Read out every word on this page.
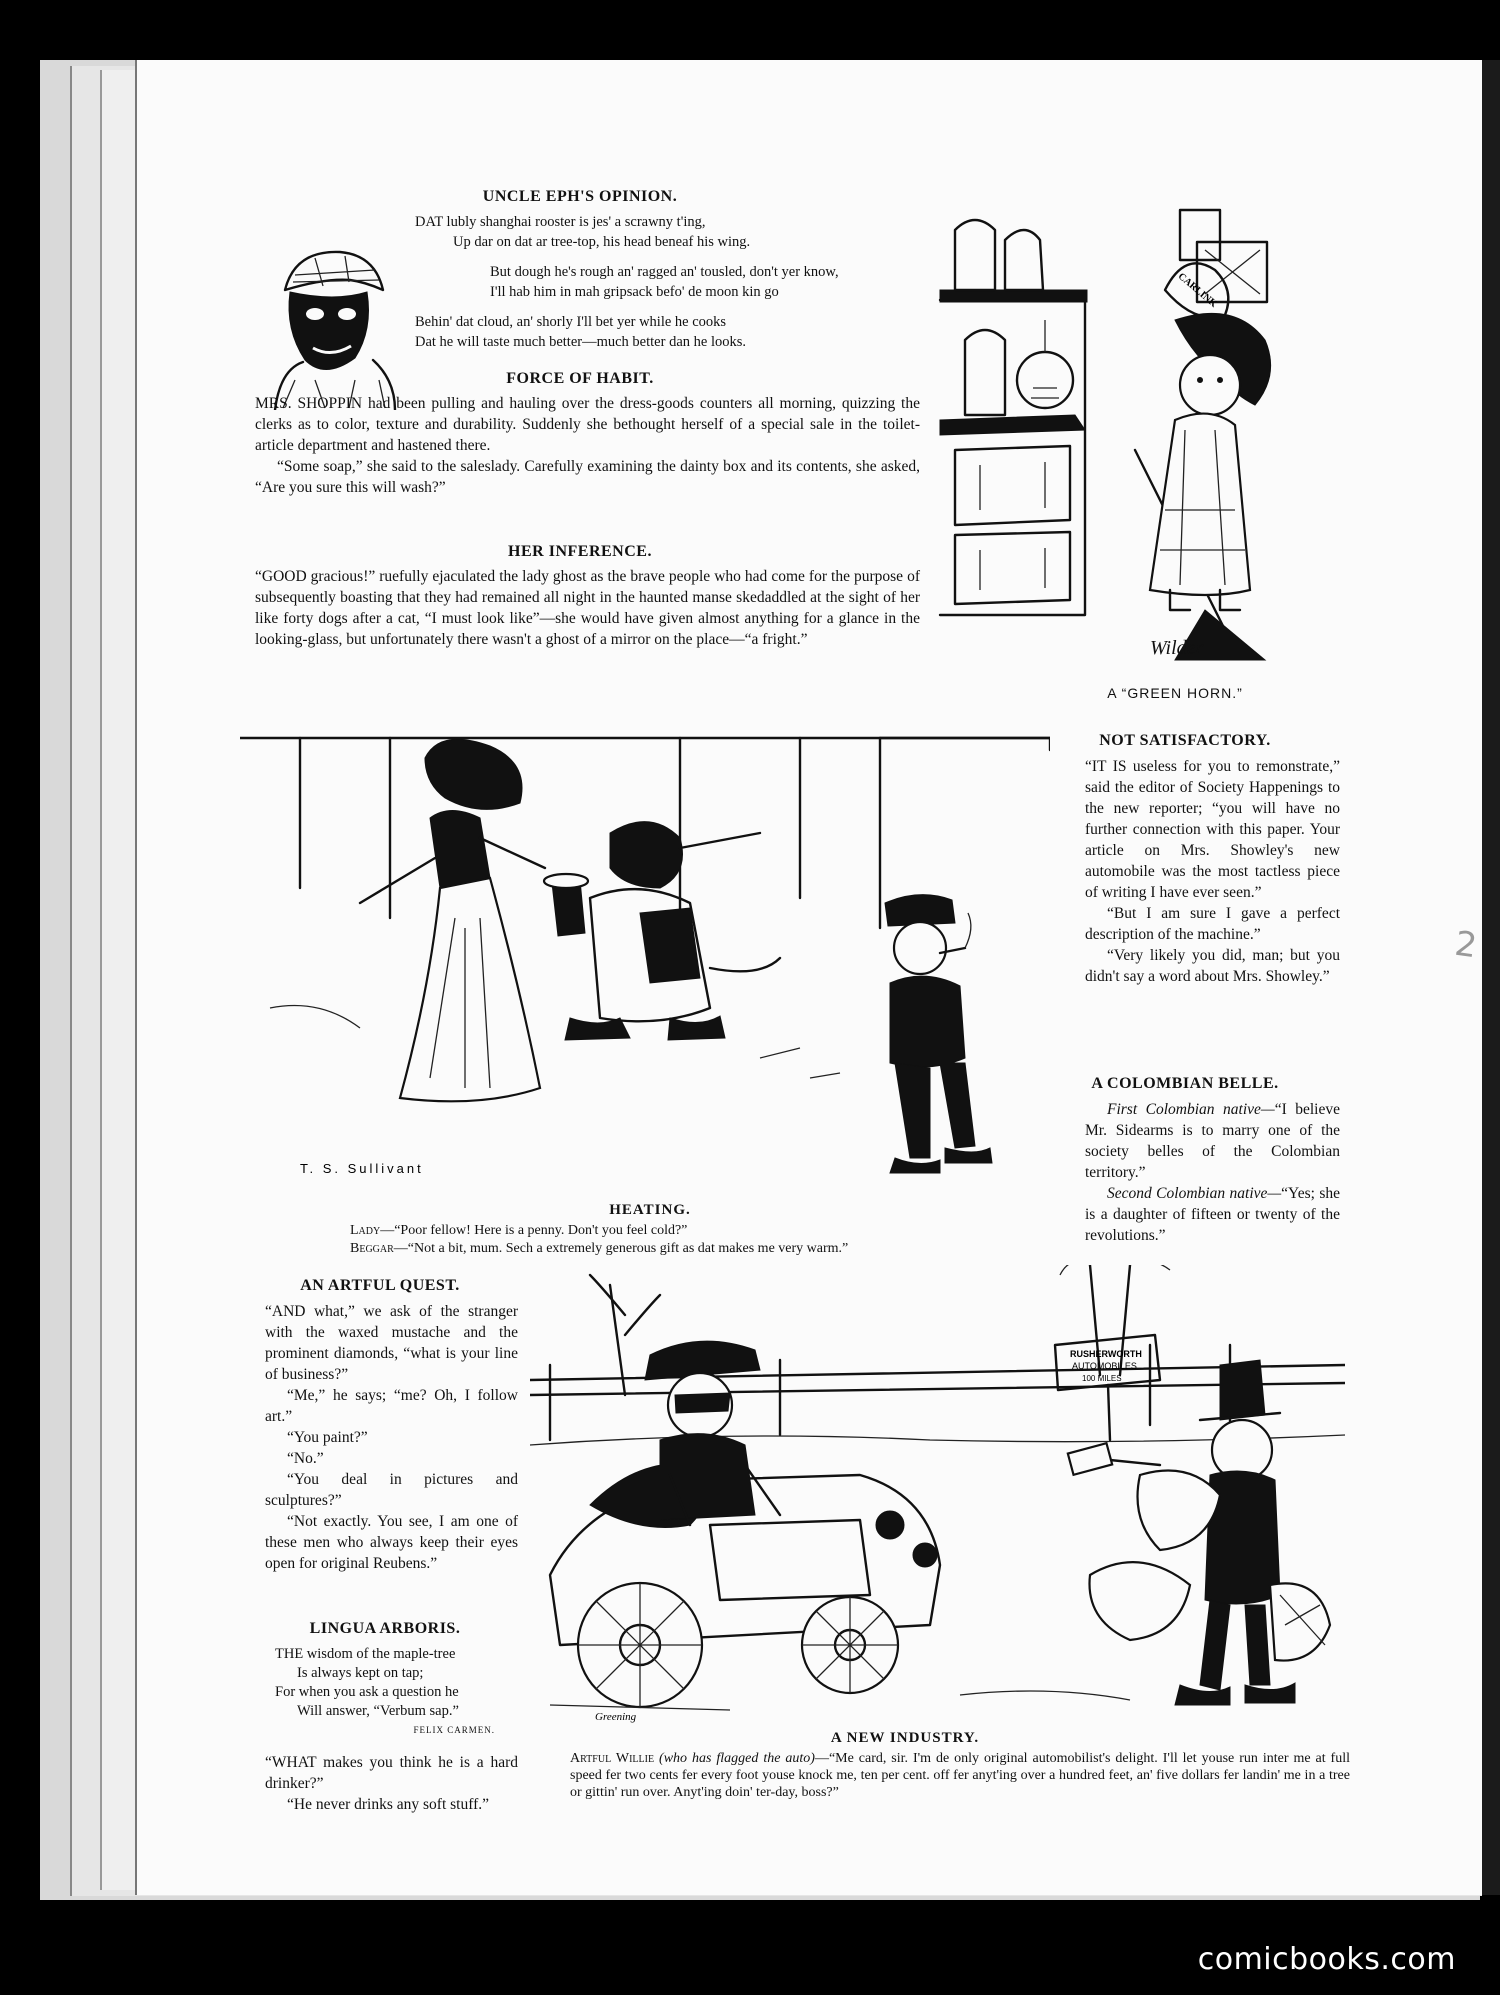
2
UNCLE EPH'S OPINION.
DAT lubly shanghai rooster is jes' a scrawny t'ing,
Up dar on dat ar tree-top, his head beneaf his wing.
But dough he's rough an' ragged an' tousled, don't yer know,
I'll hab him in mah gripsack befo' de moon kin go
Behin' dat cloud, an' shorly I'll bet yer while he cooks
Dat he will taste much better—much better dan he looks.
FORCE OF HABIT.

MRS. SHOPPIN had been pulling and hauling over the dress-goods counters all morning, quizzing the clerks as to color, texture and durability. Suddenly she bethought herself of a special sale in the toilet-article department and hastened there.

“Some soap,” she said to the saleslady. Carefully examining the dainty box and its contents, she asked, “Are you sure this will wash?”

HER INFERENCE.

“GOOD gracious!” ruefully ejaculated the lady ghost as the brave people who had come for the purpose of subsequently boasting that they had remained all night in the haunted manse skedaddled at the sight of her like forty dogs after a cat, “I must look like”—she would have given almost anything for a glance in the looking-glass, but unfortunately there wasn't a ghost of a mirror on the place—“a fright.”

CARLINK
Wilder
A “GREEN HORN.”
T. S. Sullivant
HEATING.
Lady—“Poor fellow! Here is a penny. Don't you feel cold?”
Beggar—“Not a bit, mum. Sech a extremely generous gift as dat makes me very warm.”
NOT SATISFACTORY.

“IT IS useless for you to remonstrate,” said the editor of Society Happenings to the new reporter; “you will have no further connection with this paper. Your article on Mrs. Showley's new automobile was the most tactless piece of writing I have ever seen.”

“But I am sure I gave a perfect description of the machine.”

“Very likely you did, man; but you didn't say a word about Mrs. Showley.”

A COLOMBIAN BELLE.

First Colombian native—“I believe Mr. Sidearms is to marry one of the society belles of the Colombian territory.”

Second Colombian native—“Yes; she is a daughter of fifteen or twenty of the revolutions.”

AN ARTFUL QUEST.

“AND what,” we ask of the stranger with the waxed mustache and the prominent diamonds, “what is your line of business?”

“Me,” he says; “me? Oh, I follow art.”

“You paint?”

“No.”

“You deal in pictures and sculptures?”

“Not exactly. You see, I am one of these men who always keep their eyes open for original Reubens.”

LINGUA ARBORIS.
THE wisdom of the maple-tree
Is always kept on tap;
For when you ask a question he
Will answer, “Verbum sap.”
FELIX CARMEN.

“WHAT makes you think he is a hard drinker?”

“He never drinks any soft stuff.”

RUSHERWORTH
AUTOMOBILES
100 MILES
Greening
A NEW INDUSTRY.
Artful Willie (who has flagged the auto)—“Me card, sir. I'm de only original automobilist's delight. I'll let youse run inter me at full speed fer two cents fer every foot youse knock me, ten per cent. off fer anyt'ing over a hundred feet, an' five dollars fer landin' me in a tree or gittin' run over. Anyt'ing doin' ter-day, boss?”
comicbooks.com
